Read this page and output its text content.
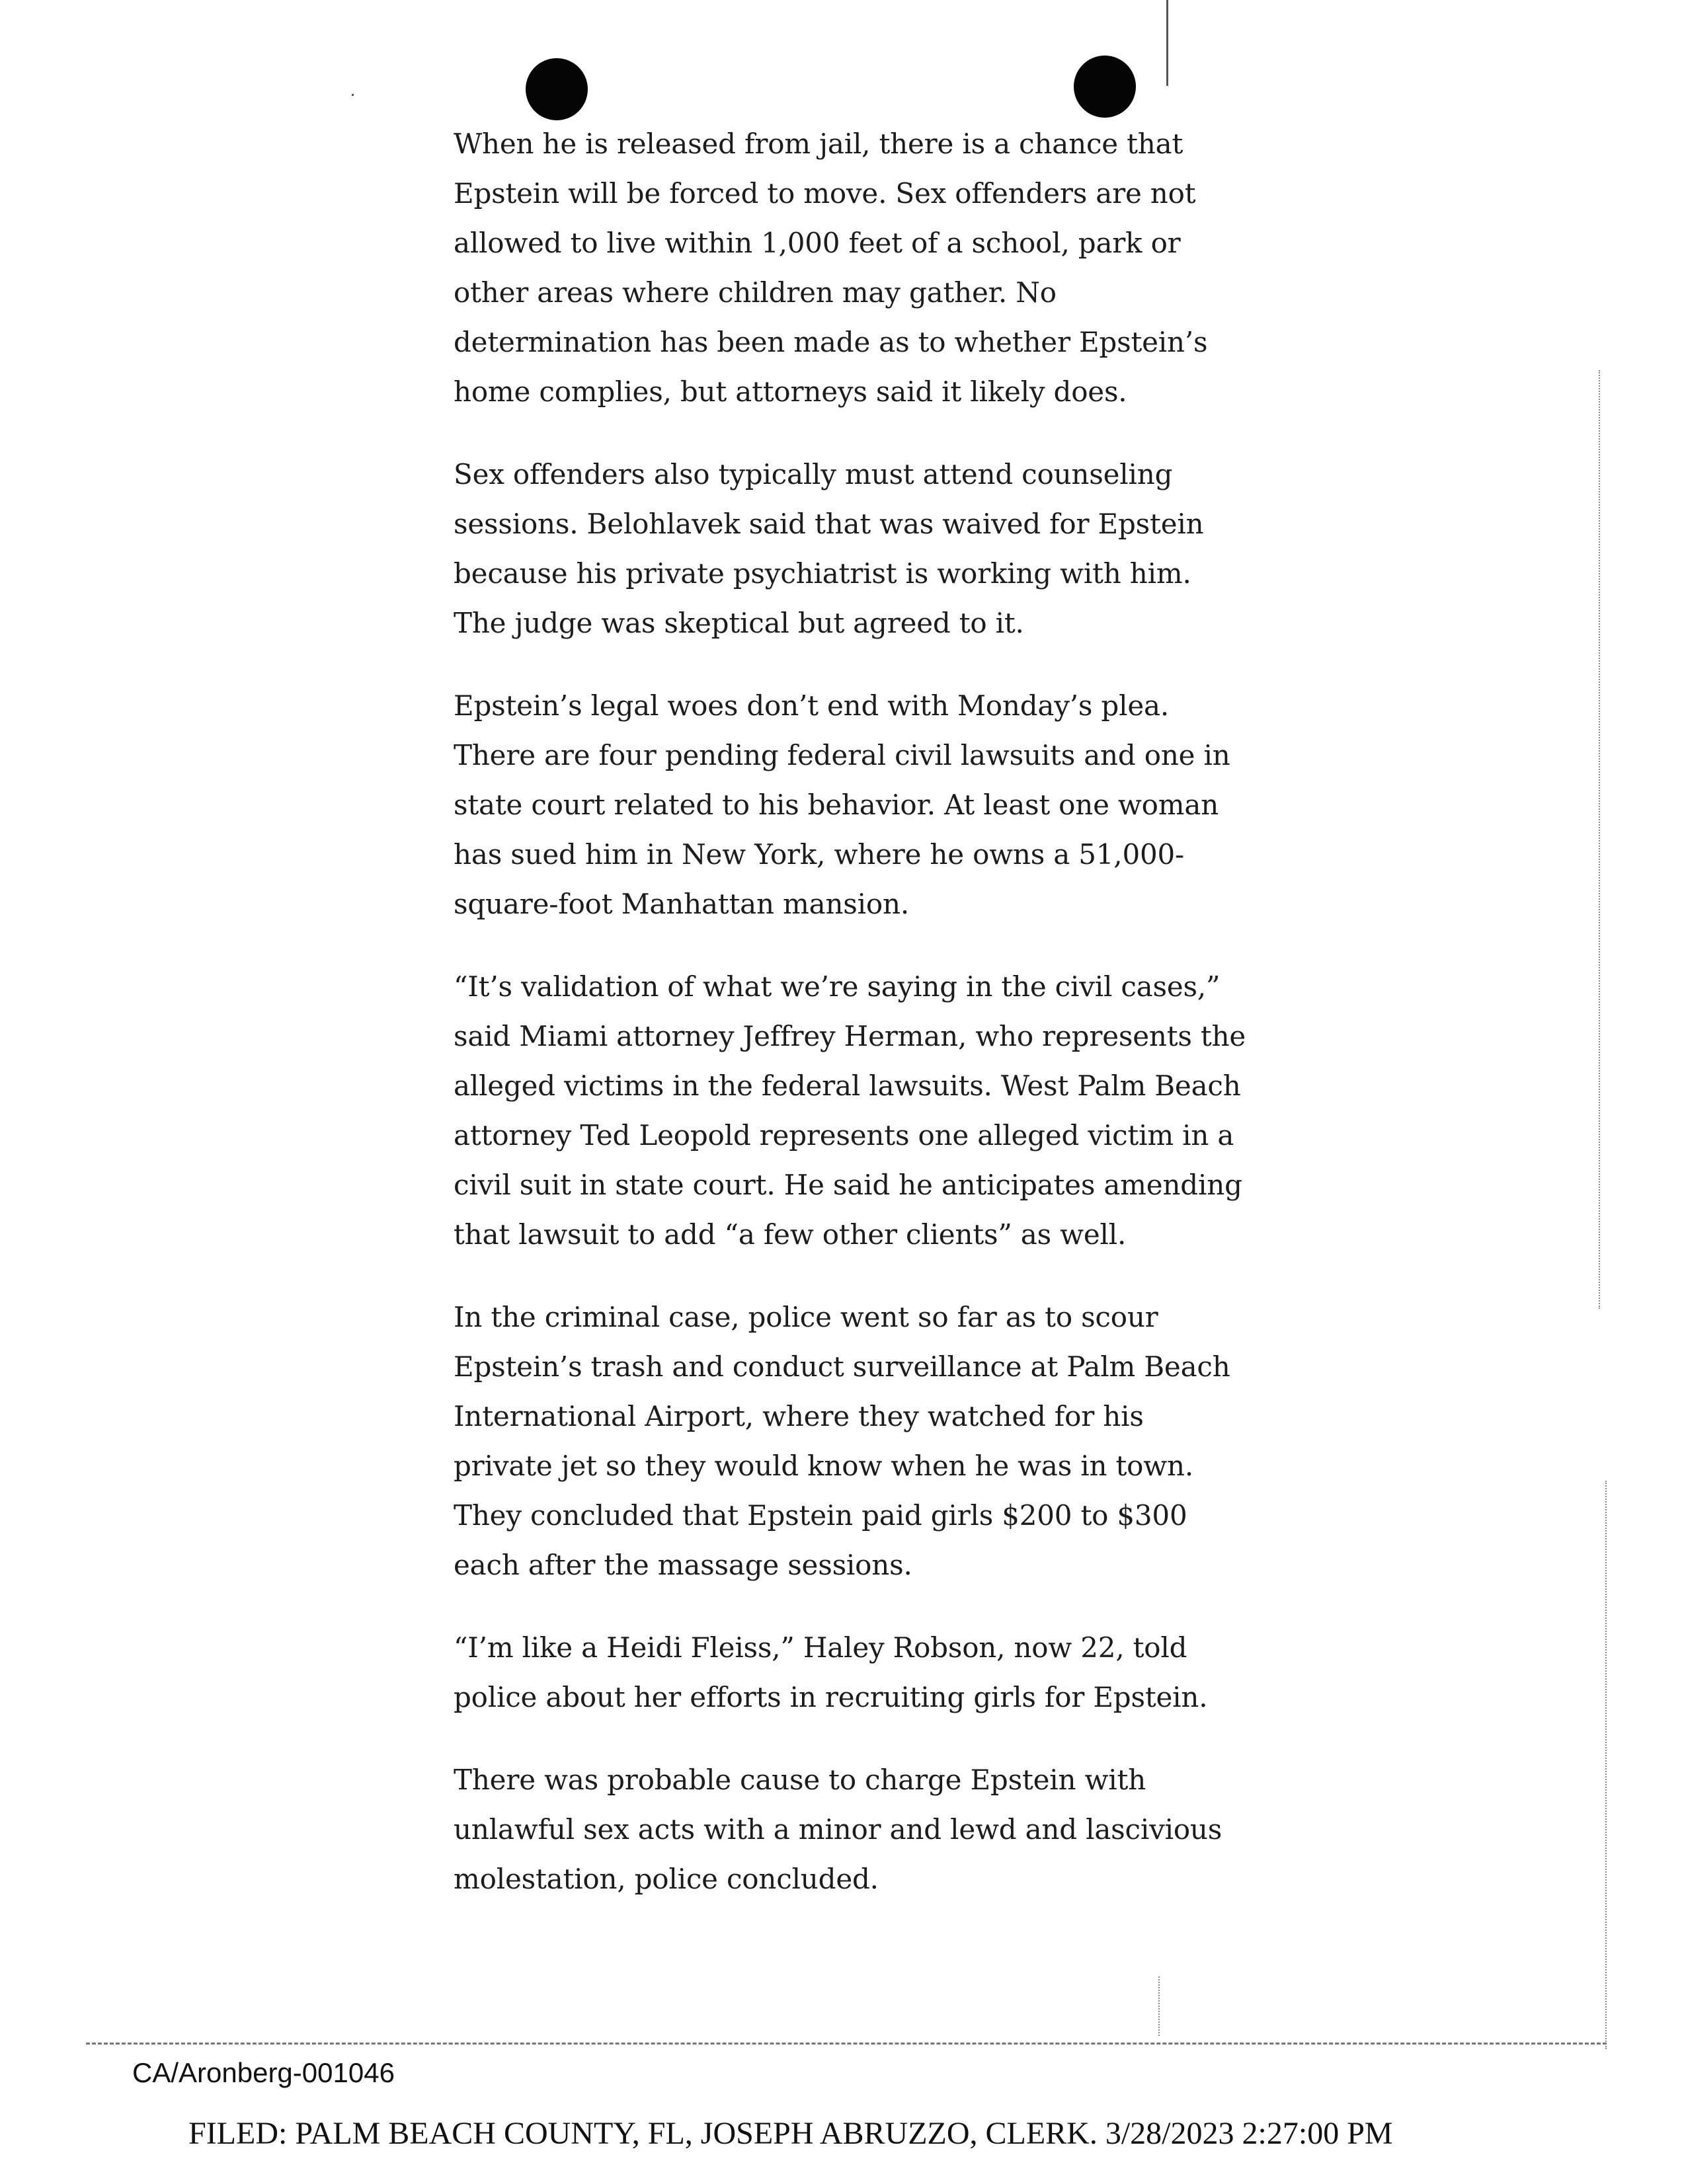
When he is released from jail, there is a chance that Epstein will be forced to move. Sex offenders are not allowed to live within 1,000 feet of a school, park or other areas where children may gather. No determination has been made as to whether Epstein’s home complies, but attorneys said it likely does.

Sex offenders also typically must attend counseling sessions. Belohlavek said that was waived for Epstein because his private psychiatrist is working with him. The judge was skeptical but agreed to it.

Epstein’s legal woes don’t end with Monday’s plea. There are four pending federal civil lawsuits and one in state court related to his behavior. At least one woman has sued him in New York, where he owns a 51,000-square-foot Manhattan mansion.

“It’s validation of what we’re saying in the civil cases,” said Miami attorney Jeffrey Herman, who represents the alleged victims in the federal lawsuits. West Palm Beach attorney Ted Leopold represents one alleged victim in a civil suit in state court. He said he anticipates amending that lawsuit to add “a few other clients” as well.

In the criminal case, police went so far as to scour Epstein’s trash and conduct surveillance at Palm Beach International Airport, where they watched for his private jet so they would know when he was in town. They concluded that Epstein paid girls $200 to $300 each after the massage sessions.

“I’m like a Heidi Fleiss,” Haley Robson, now 22, told police about her efforts in recruiting girls for Epstein.

There was probable cause to charge Epstein with unlawful sex acts with a minor and lewd and lascivious molestation, police concluded.

CA/Aronberg-001046
FILED: PALM BEACH COUNTY, FL, JOSEPH ABRUZZO, CLERK. 3/28/2023 2:27:00 PM
